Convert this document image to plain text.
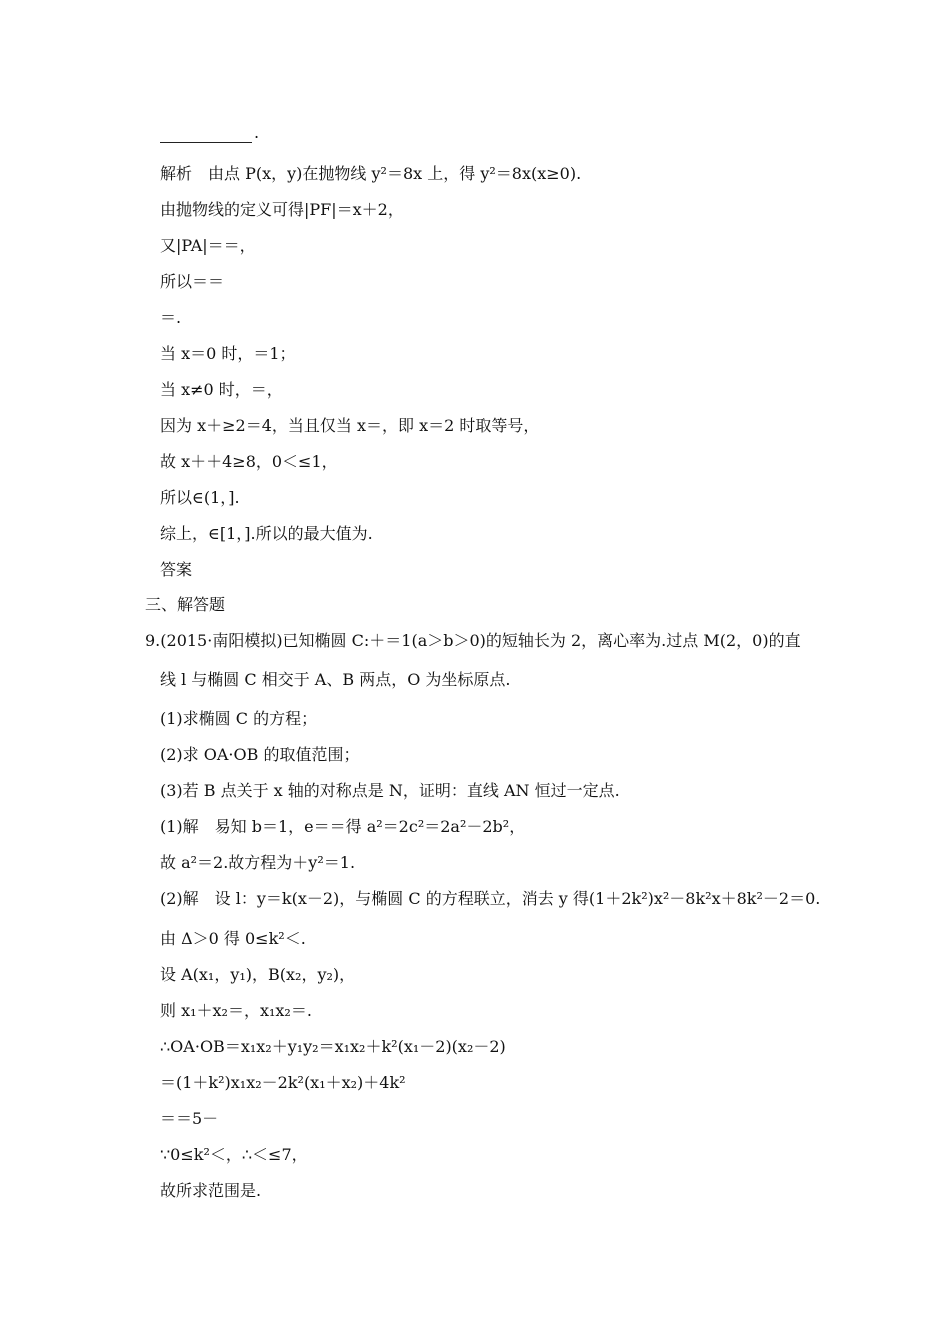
.
解析　由点 P(x，y)在抛物线 y²＝8x 上，得 y²＝8x(x≥0).
由抛物线的定义可得|PF|＝x＋2，
又|PA|＝＝，
所以＝＝
＝.
当 x＝0 时，＝1；
当 x≠0 时，＝，
因为 x＋≥2＝4，当且仅当 x＝，即 x＝2 时取等号，
故 x＋＋4≥8，0＜≤1，
所以∈(1，].
综上，∈[1，].所以的最大值为.
答案
三、解答题
9.(2015·南阳模拟)已知椭圆 C:＋＝1(a＞b＞0)的短轴长为 2，离心率为.过点 M(2，0)的直
线 l 与椭圆 C 相交于 A、B 两点，O 为坐标原点.
(1)求椭圆 C 的方程；
(2)求 OA·OB 的取值范围；
(3)若 B 点关于 x 轴的对称点是 N，证明：直线 AN 恒过一定点.
(1)解　易知 b＝1，e＝＝得 a²＝2c²＝2a²－2b²，
故 a²＝2.故方程为＋y²＝1.
(2)解　设 l：y＝k(x－2)，与椭圆 C 的方程联立，消去 y 得(1＋2k²)x²－8k²x＋8k²－2＝0.
由 Δ＞0 得 0≤k²＜.
设 A(x₁，y₁)，B(x₂，y₂)，
则 x₁＋x₂＝，x₁x₂＝.
∴OA·OB＝x₁x₂＋y₁y₂＝x₁x₂＋k²(x₁－2)(x₂－2)
＝(1＋k²)x₁x₂－2k²(x₁＋x₂)＋4k²
＝＝5－
∵0≤k²＜，∴＜≤7，
故所求范围是.
